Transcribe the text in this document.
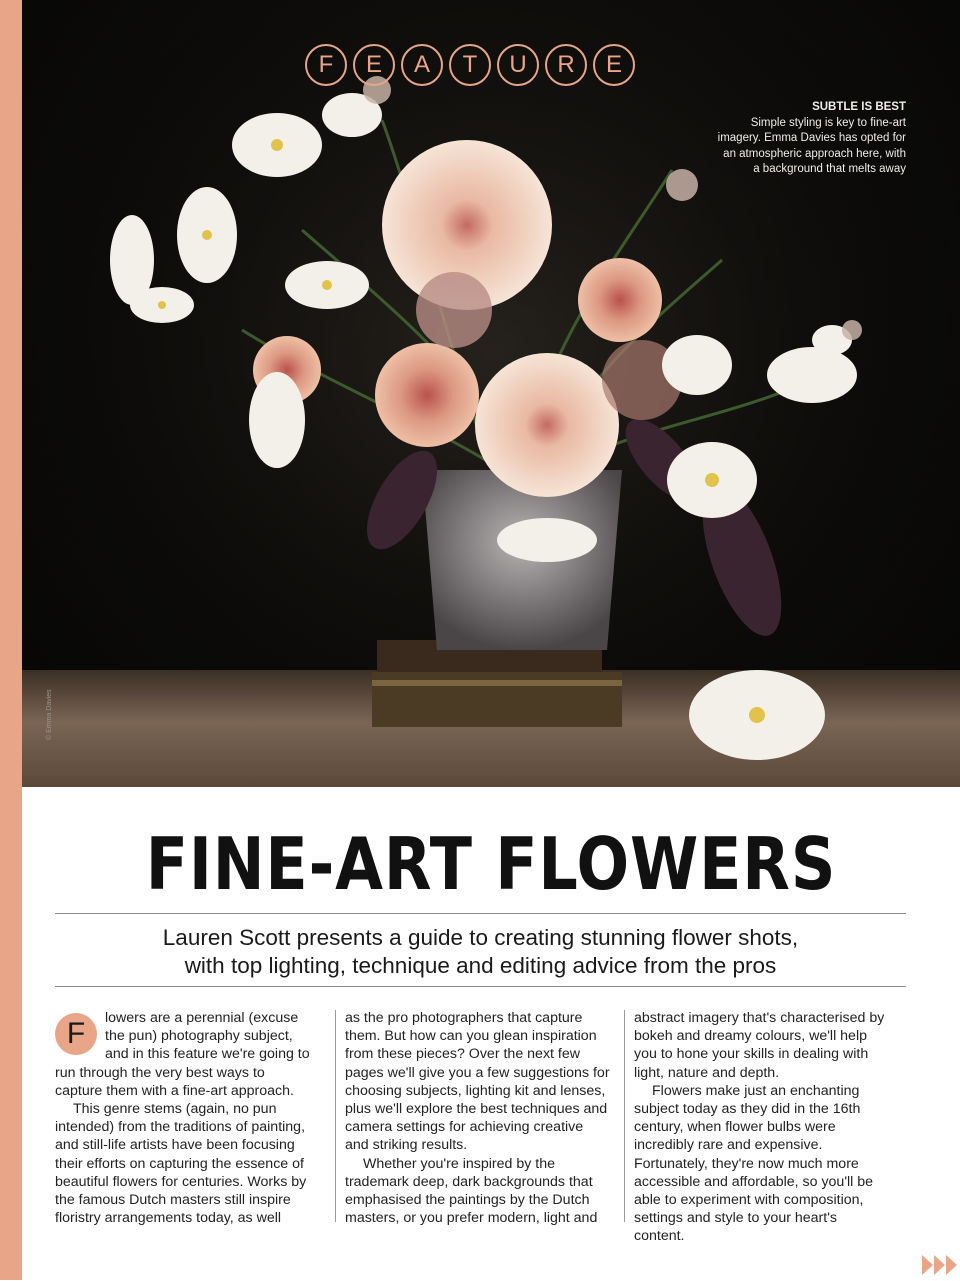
F	E	A	T	U	R	E
SUBTLE IS BEST
Simple styling is key to fine-art imagery. Emma Davies has opted for an atmospheric approach here, with a background that melts away
© Emma Davies
FINE-ART FLOWERS
Lauren Scott presents a guide to creating stunning flower shots,
with top lighting, technique and editing advice from the pros
F	lowers are a perennial (excuse the pun) photography subject, and in this feature we're going to run through the very best ways to capture them with a fine-art approach.

This genre stems (again, no pun intended) from the traditions of painting, and still-life artists have been focusing their efforts on capturing the essence of beautiful flowers for centuries. Works by the famous Dutch masters still inspire floristry arrangements today, as well

as the pro photographers that capture them. But how can you glean inspiration from these pieces? Over the next few pages we'll give you a few suggestions for choosing subjects, lighting kit and lenses, plus we'll explore the best techniques and camera settings for achieving creative and striking results.

Whether you're inspired by the trademark deep, dark backgrounds that emphasised the paintings by the Dutch masters, or you prefer modern, light and

abstract imagery that's characterised by bokeh and dreamy colours, we'll help you to hone your skills in dealing with light, nature and depth.

Flowers make just an enchanting subject today as they did in the 16th century, when flower bulbs were incredibly rare and expensive. Fortunately, they're now much more accessible and affordable, so you'll be able to experiment with composition, settings and style to your heart's content.
